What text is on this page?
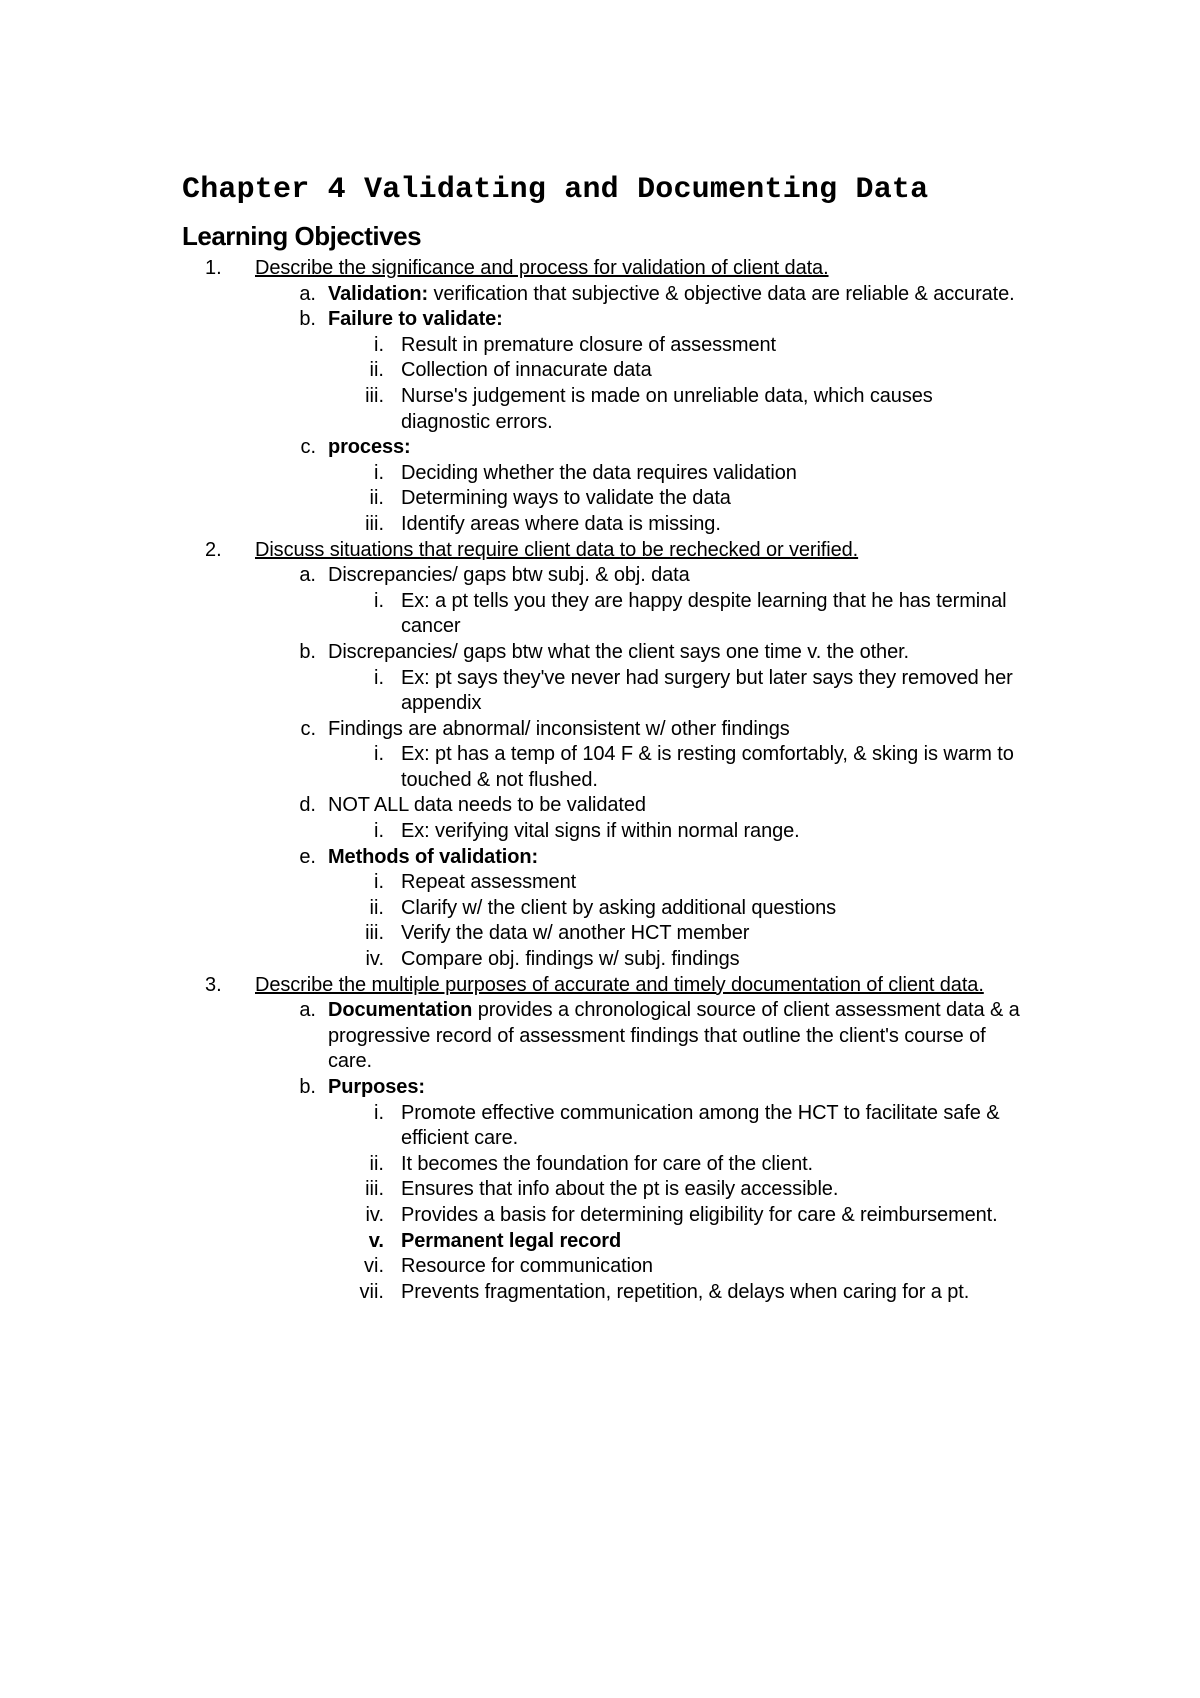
Chapter 4 Validating and Documenting Data
Learning Objectives
1.	Describe the significance and process for validation of client data.
a. Validation: verification that subjective & objective data are reliable & accurate.
b. Failure to validate:
i. Result in premature closure of assessment
ii. Collection of innacurate data
iii. Nurse's judgement is made on unreliable data, which causes diagnostic errors.
c. process:
i. Deciding whether the data requires validation
ii. Determining ways to validate the data
iii. Identify areas where data is missing.
2.	Discuss situations that require client data to be rechecked or verified.
a. Discrepancies/ gaps btw subj. & obj. data
i. Ex: a pt tells you they are happy despite learning that he has terminal cancer
b. Discrepancies/ gaps btw what the client says one time v. the other.
i. Ex: pt says they've never had surgery but later says they removed her appendix
c. Findings are abnormal/ inconsistent w/ other findings
i. Ex: pt has a temp of 104 F & is resting comfortably, & sking is warm to touched & not flushed.
d. NOT ALL data needs to be validated
i. Ex: verifying vital signs if within normal range.
e. Methods of validation:
i. Repeat assessment
ii. Clarify w/ the client by asking additional questions
iii. Verify the data w/ another HCT member
iv. Compare obj. findings w/ subj. findings
3.	Describe the multiple purposes of accurate and timely documentation of client data.
a. Documentation provides a chronological source of client assessment data & a progressive record of assessment findings that outline the client's course of care.
b. Purposes:
i. Promote effective communication among the HCT to facilitate safe & efficient care.
ii. It becomes the foundation for care of the client.
iii. Ensures that info about the pt is easily accessible.
iv. Provides a basis for determining eligibility for care & reimbursement.
v. Permanent legal record
vi. Resource for communication
vii. Prevents fragmentation, repetition, & delays when caring for a pt.
